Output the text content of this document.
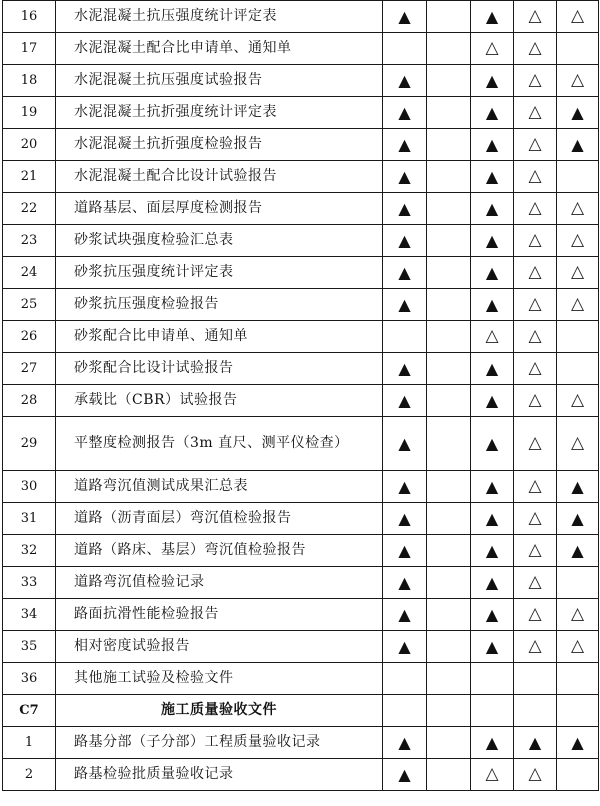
16	水泥混凝土抗压强度统计评定表	▲		▲	△	△
17	水泥混凝土配合比申请单、通知单			△	△	
18	水泥混凝土抗压强度试验报告	▲		▲	△	△
19	水泥混凝土抗折强度统计评定表	▲		▲	△	▲
20	水泥混凝土抗折强度检验报告	▲		▲	△	▲
21	水泥混凝土配合比设计试验报告	▲		▲	△	
22	道路基层、面层厚度检测报告	▲		▲	△	△
23	砂浆试块强度检验汇总表	▲		▲	△	△
24	砂浆抗压强度统计评定表	▲		▲	△	△
25	砂浆抗压强度检验报告	▲		▲	△	△
26	砂浆配合比申请单、通知单			△	△	
27	砂浆配合比设计试验报告	▲		▲	△	
28	承载比（CBR）试验报告	▲		▲	△	△
29	平整度检测报告（3m 直尺、测平仪检查）	▲		▲	△	△
30	道路弯沉值测试成果汇总表	▲		▲	△	▲
31	道路（沥青面层）弯沉值检验报告	▲		▲	△	▲
32	道路（路床、基层）弯沉值检验报告	▲		▲	△	▲
33	道路弯沉值检验记录	▲		▲	△	
34	路面抗滑性能检验报告	▲		▲	△	△
35	相对密度试验报告	▲		▲	△	△
36	其他施工试验及检验文件					
C7	施工质量验收文件					
1	路基分部（子分部）工程质量验收记录	▲		▲	▲	▲
2	路基检验批质量验收记录	▲		△	△	
